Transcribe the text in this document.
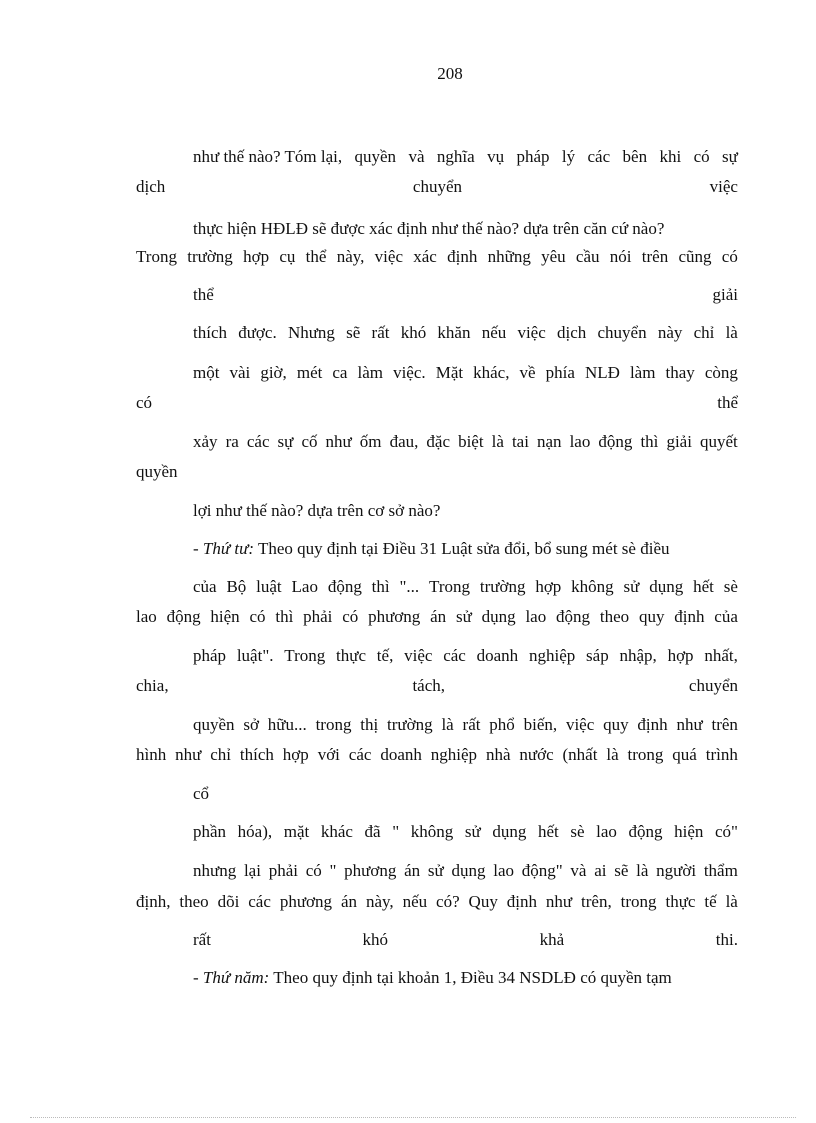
208
như thế nào? Tóm lại, quyền và nghĩa vụ pháp lý các bên khi có sự
dịch	chuyển	việc
thực hiện HĐLĐ sẽ được xác định như thế nào? dựa trên căn cứ nào?
Trong trường hợp cụ thể này, việc xác định những yêu cầu nói trên cũng có
thể	giải
thích được. Nhưng sẽ rất khó khăn nếu việc dịch chuyển này chỉ là
một vài giờ, mét ca làm việc. Mặt khác, về phía NLĐ làm thay còng
có	thể
xảy ra các sự cố như ốm đau, đặc biệt là tai nạn lao động thì giải quyết
quyền
lợi như thế nào? dựa trên cơ sở nào?
- Thứ tư: Theo quy định tại Điều 31 Luật sửa đổi, bổ sung mét sè điều
của Bộ luật Lao động thì "... Trong trường hợp không sử dụng hết sè
lao động hiện có thì phải có phương án sử dụng lao động theo quy định của
pháp luật". Trong thực tế, việc các doanh nghiệp sáp nhập, hợp nhất,
chia,	tách,	chuyển
quyền sở hữu... trong thị trường là rất phổ biến, việc quy định như trên
hình như chỉ thích hợp với các doanh nghiệp nhà nước (nhất là trong quá trình
cổ
phần hóa), mặt khác đã " không sử dụng hết sè lao động hiện có"
nhưng lại phải có " phương án sử dụng lao động" và ai sẽ là người thẩm
định, theo dõi các phương án này, nếu có? Quy định như trên, trong thực tế là
rất	khó	khả	thi.
- Thứ năm: Theo quy định tại khoản 1, Điều 34 NSDLĐ có quyền tạm
